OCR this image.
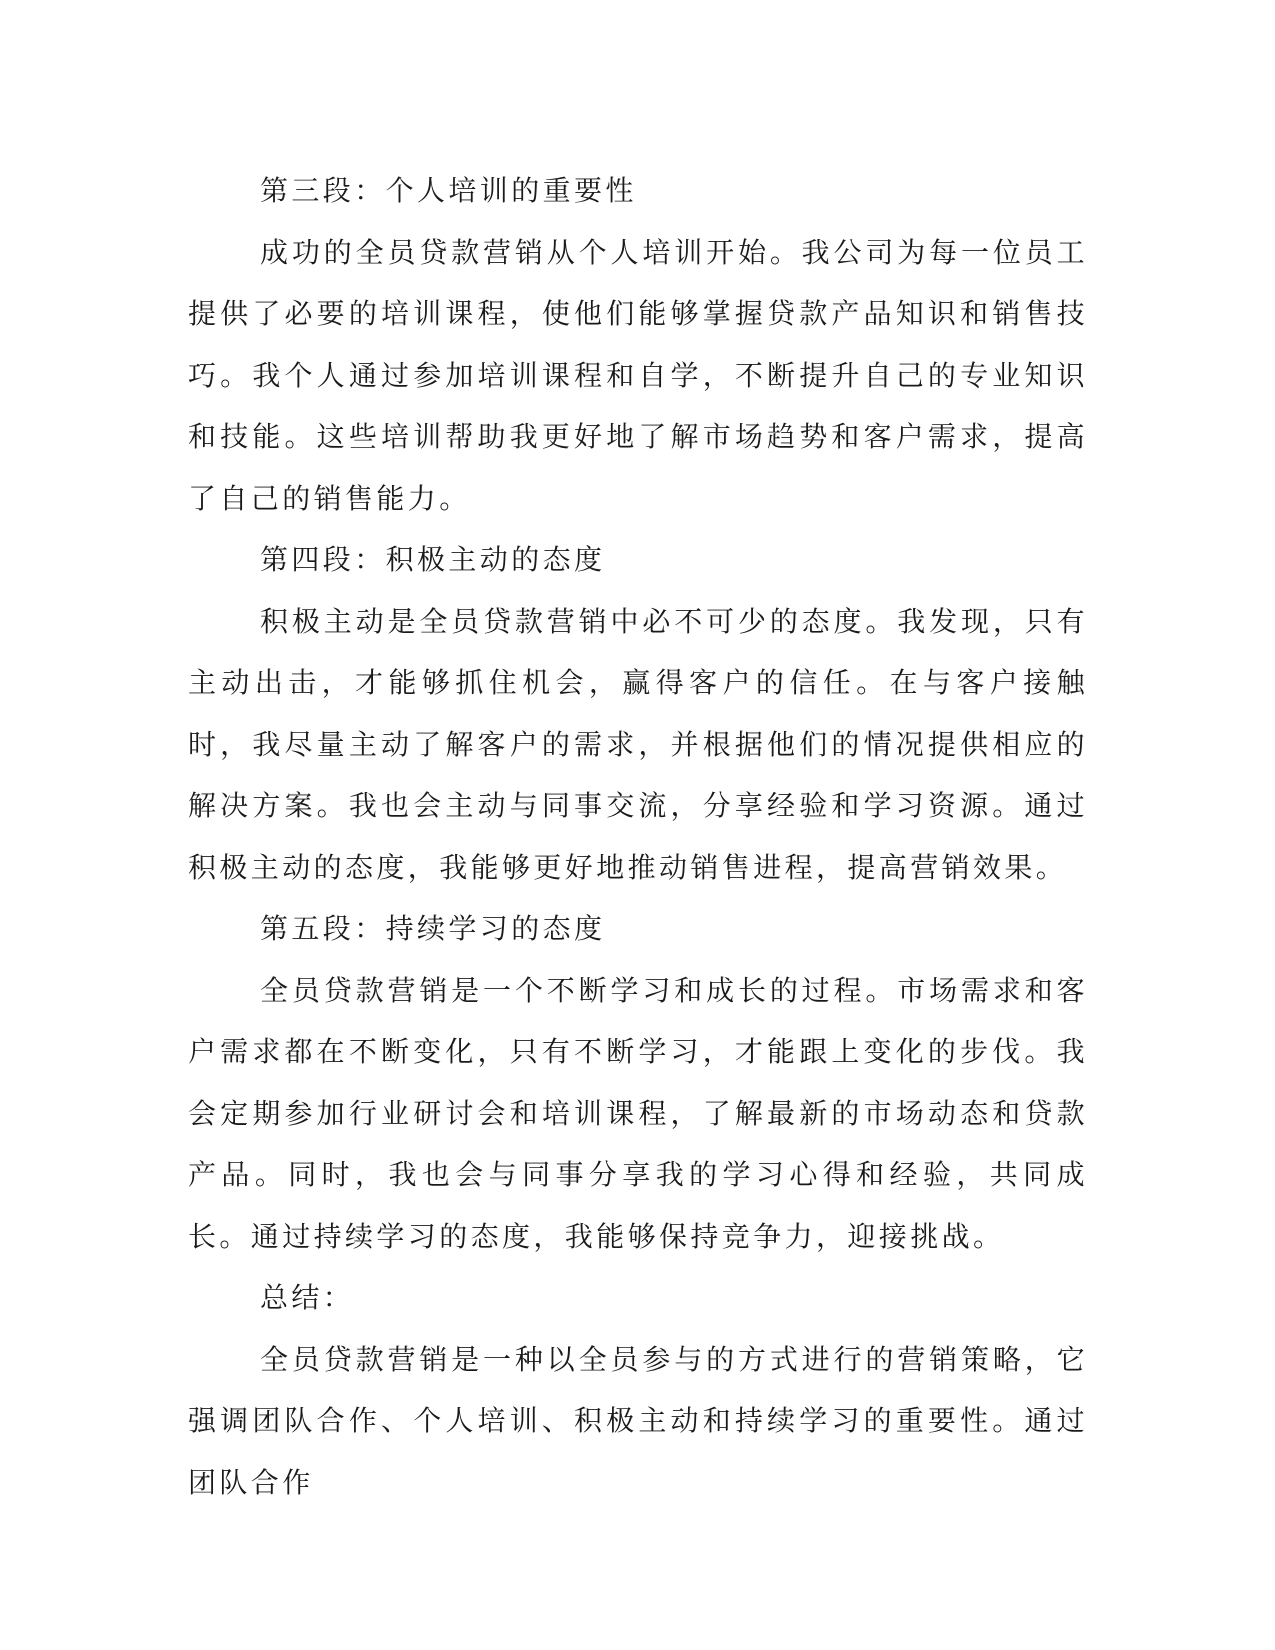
第三段：个人培训的重要性

成功的全员贷款营销从个人培训开始。我公司为每一位员工提供了必要的培训课程，使他们能够掌握贷款产品知识和销售技巧。我个人通过参加培训课程和自学，不断提升自己的专业知识和技能。这些培训帮助我更好地了解市场趋势和客户需求，提高了自己的销售能力。

第四段：积极主动的态度

积极主动是全员贷款营销中必不可少的态度。我发现，只有主动出击，才能够抓住机会，赢得客户的信任。在与客户接触时，我尽量主动了解客户的需求，并根据他们的情况提供相应的解决方案。我也会主动与同事交流，分享经验和学习资源。通过积极主动的态度，我能够更好地推动销售进程，提高营销效果。

第五段：持续学习的态度

全员贷款营销是一个不断学习和成长的过程。市场需求和客户需求都在不断变化，只有不断学习，才能跟上变化的步伐。我会定期参加行业研讨会和培训课程，了解最新的市场动态和贷款产品。同时，我也会与同事分享我的学习心得和经验，共同成长。通过持续学习的态度，我能够保持竞争力，迎接挑战。

总结：

全员贷款营销是一种以全员参与的方式进行的营销策略，它强调团队合作、个人培训、积极主动和持续学习的重要性。通过团队合作
